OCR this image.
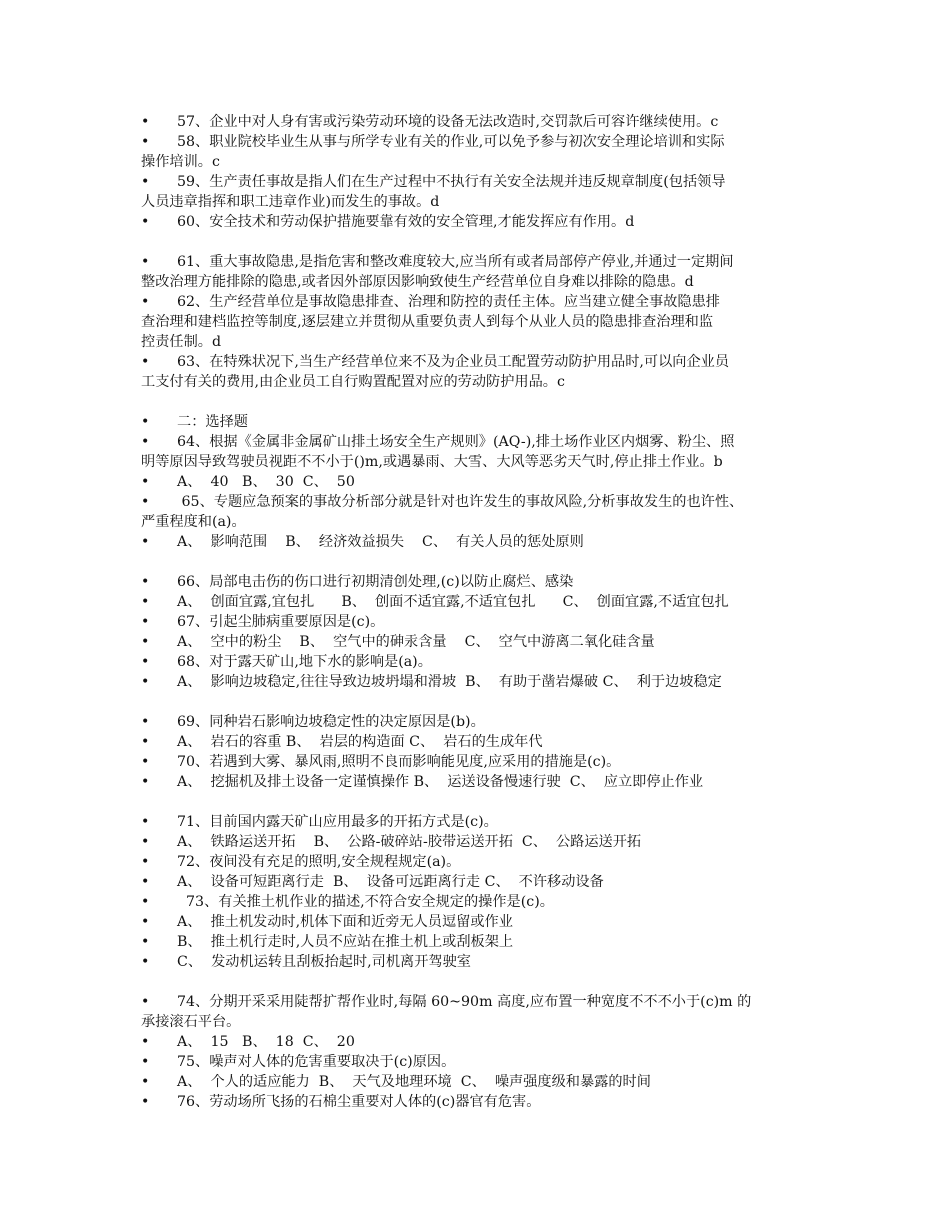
•	57、企业中对人身有害或污染劳动环境的设备无法改造时,交罚款后可容许继续使用。c
•	58、职业院校毕业生从事与所学专业有关的作业,可以免予参与初次安全理论培训和实际
操作培训。c
•	59、生产责任事故是指人们在生产过程中不执行有关安全法规并违反规章制度(包括领导
人员违章指挥和职工违章作业)而发生的事故。d
•	60、安全技术和劳动保护措施要靠有效的安全管理,才能发挥应有作用。d
•	61、重大事故隐患,是指危害和整改难度较大,应当所有或者局部停产停业,并通过一定期间
整改治理方能排除的隐患,或者因外部原因影响致使生产经营单位自身难以排除的隐患。d
•	62、生产经营单位是事故隐患排查、治理和防控的责任主体。应当建立健全事故隐患排
查治理和建档监控等制度,逐层建立并贯彻从重要负责人到每个从业人员的隐患排查治理和监
控责任制。d
•	63、在特殊状况下,当生产经营单位来不及为企业员工配置劳动防护用品时,可以向企业员
工支付有关的费用,由企业员工自行购置配置对应的劳动防护用品。c
•	二：选择题
•	64、根据《金属非金属矿山排土场安全生产规则》(AQ-),排土场作业区内烟雾、粉尘、照
明等原因导致驾驶员视距不不小于()m,或遇暴雨、大雪、大风等恶劣天气时,停止排土作业。b
•	A、  40   B、  30  C、  50
•	65、专题应急预案的事故分析部分就是针对也许发生的事故风险,分析事故发生的也许性、
严重程度和(a)。
•	A、  影响范围    B、  经济效益损失    C、  有关人员的惩处原则
•	66、局部电击伤的伤口进行初期清创处理,(c)以防止腐烂、感染
•	A、  创面宜露,宜包扎      B、  创面不适宜露,不适宜包扎      C、  创面宜露,不适宜包扎
•	67、引起尘肺病重要原因是(c)。
•	A、  空中的粉尘    B、  空气中的砷汞含量    C、  空气中游离二氧化硅含量
•	68、对于露天矿山,地下水的影响是(a)。
•	A、  影响边坡稳定,往往导致边坡坍塌和滑坡  B、  有助于凿岩爆破 C、  利于边坡稳定
•	69、同种岩石影响边坡稳定性的决定原因是(b)。
•	A、  岩石的容重 B、  岩层的构造面 C、  岩石的生成年代
•	70、若遇到大雾、暴风雨,照明不良而影响能见度,应采用的措施是(c)。
•	A、  挖掘机及排土设备一定谨慎操作 B、  运送设备慢速行驶  C、  应立即停止作业
•	71、目前国内露天矿山应用最多的开拓方式是(c)。
•	A、  铁路运送开拓    B、  公路-破碎站-胶带运送开拓  C、  公路运送开拓
•	72、夜间没有充足的照明,安全规程规定(a)。
•	A、  设备可短距离行走  B、  设备可远距离行走 C、  不许移动设备
•	73、有关推土机作业的描述,不符合安全规定的操作是(c)。
•	A、  推土机发动时,机体下面和近旁无人员逗留或作业
•	B、  推土机行走时,人员不应站在推土机上或刮板架上
•	C、  发动机运转且刮板抬起时,司机离开驾驶室
•	74、分期开采采用陡帮扩帮作业时,每隔 60~90m 高度,应布置一种宽度不不不小于(c)m 的
承接滚石平台。
•	A、  15   B、  18  C、  20
•	75、噪声对人体的危害重要取决于(c)原因。
•	A、  个人的适应能力  B、  天气及地理环境  C、  噪声强度级和暴露的时间
•	76、劳动场所飞扬的石棉尘重要对人体的(c)器官有危害。
